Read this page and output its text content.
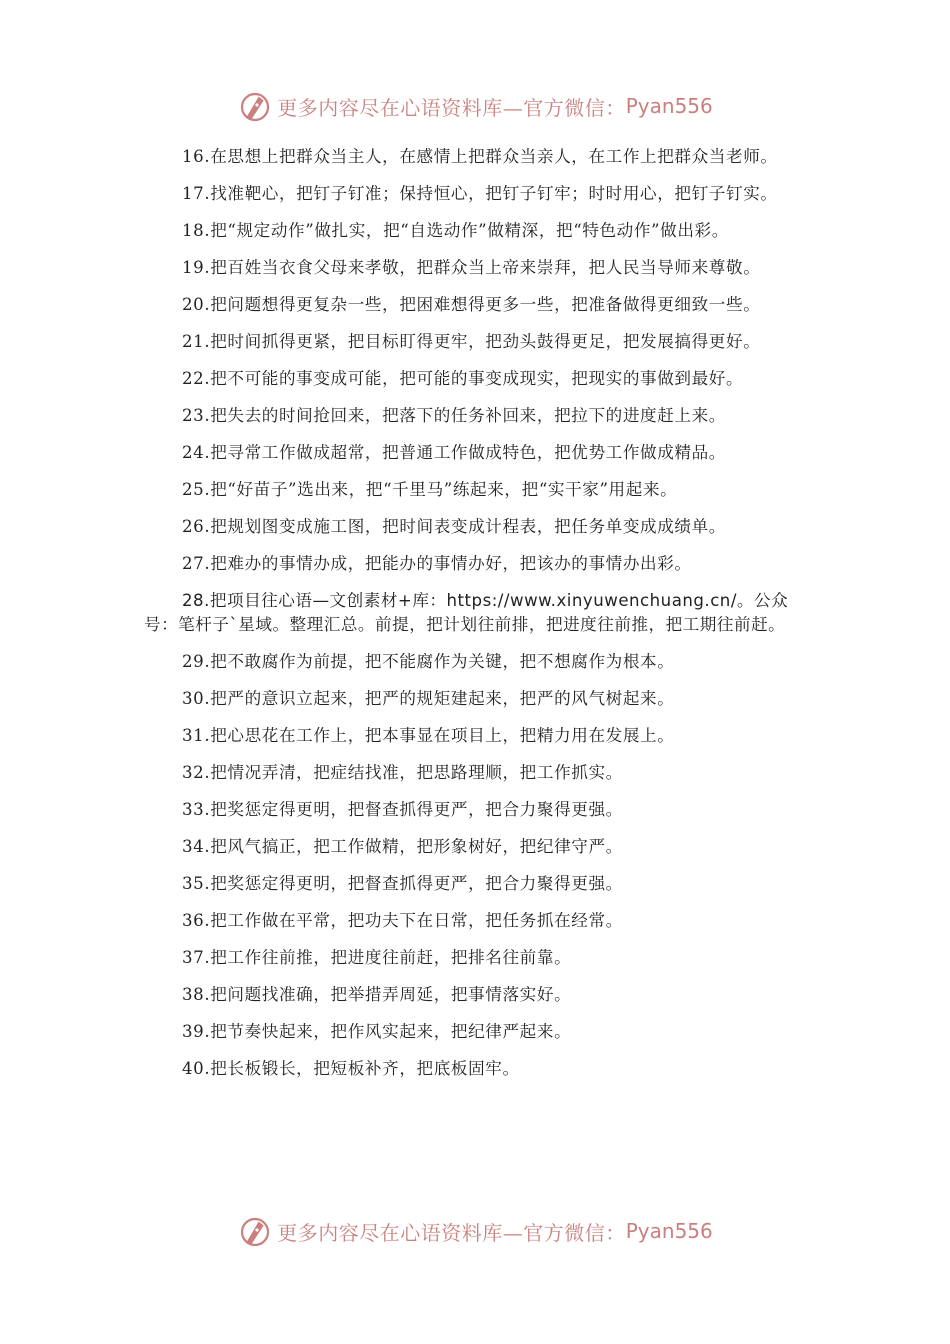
更多内容尽在心语资料库—官方微信： Pyan556

16.在思想上把群众当主人，在感情上把群众当亲人，在工作上把群众当老师。

17.找准靶心，把钉子钉准；保持恒心，把钉子钉牢；时时用心，把钉子钉实。

18.把“规定动作”做扎实，把“自选动作”做精深，把“特色动作”做出彩。

19.把百姓当衣食父母来孝敬，把群众当上帝来崇拜，把人民当导师来尊敬。

20.把问题想得更复杂一些，把困难想得更多一些，把准备做得更细致一些。

21.把时间抓得更紧，把目标盯得更牢，把劲头鼓得更足，把发展搞得更好。

22.把不可能的事变成可能，把可能的事变成现实，把现实的事做到最好。

23.把失去的时间抢回来，把落下的任务补回来，把拉下的进度赶上来。

24.把寻常工作做成超常，把普通工作做成特色，把优势工作做成精品。

25.把“好苗子”选出来，把“千里马”练起来，把“实干家”用起来。

26.把规划图变成施工图，把时间表变成计程表，把任务单变成成绩单。

27.把难办的事情办成，把能办的事情办好，把该办的事情办出彩。

28.把项目往心语—文创素材+库：https://www.xinyuwenchuang.cn/。公众号：笔杆子`星域。整理汇总。前提，把计划往前排，把进度往前推，把工期往前赶。

29.把不敢腐作为前提，把不能腐作为关键，把不想腐作为根本。

30.把严的意识立起来，把严的规矩建起来，把严的风气树起来。

31.把心思花在工作上，把本事显在项目上，把精力用在发展上。

32.把情况弄清，把症结找准，把思路理顺，把工作抓实。

33.把奖惩定得更明，把督查抓得更严，把合力聚得更强。

34.把风气搞正，把工作做精，把形象树好，把纪律守严。

35.把奖惩定得更明，把督查抓得更严，把合力聚得更强。

36.把工作做在平常，把功夫下在日常，把任务抓在经常。

37.把工作往前推，把进度往前赶，把排名往前靠。

38.把问题找准确，把举措弄周延，把事情落实好。

39.把节奏快起来，把作风实起来，把纪律严起来。

40.把长板锻长，把短板补齐，把底板固牢。

更多内容尽在心语资料库—官方微信： Pyan556
